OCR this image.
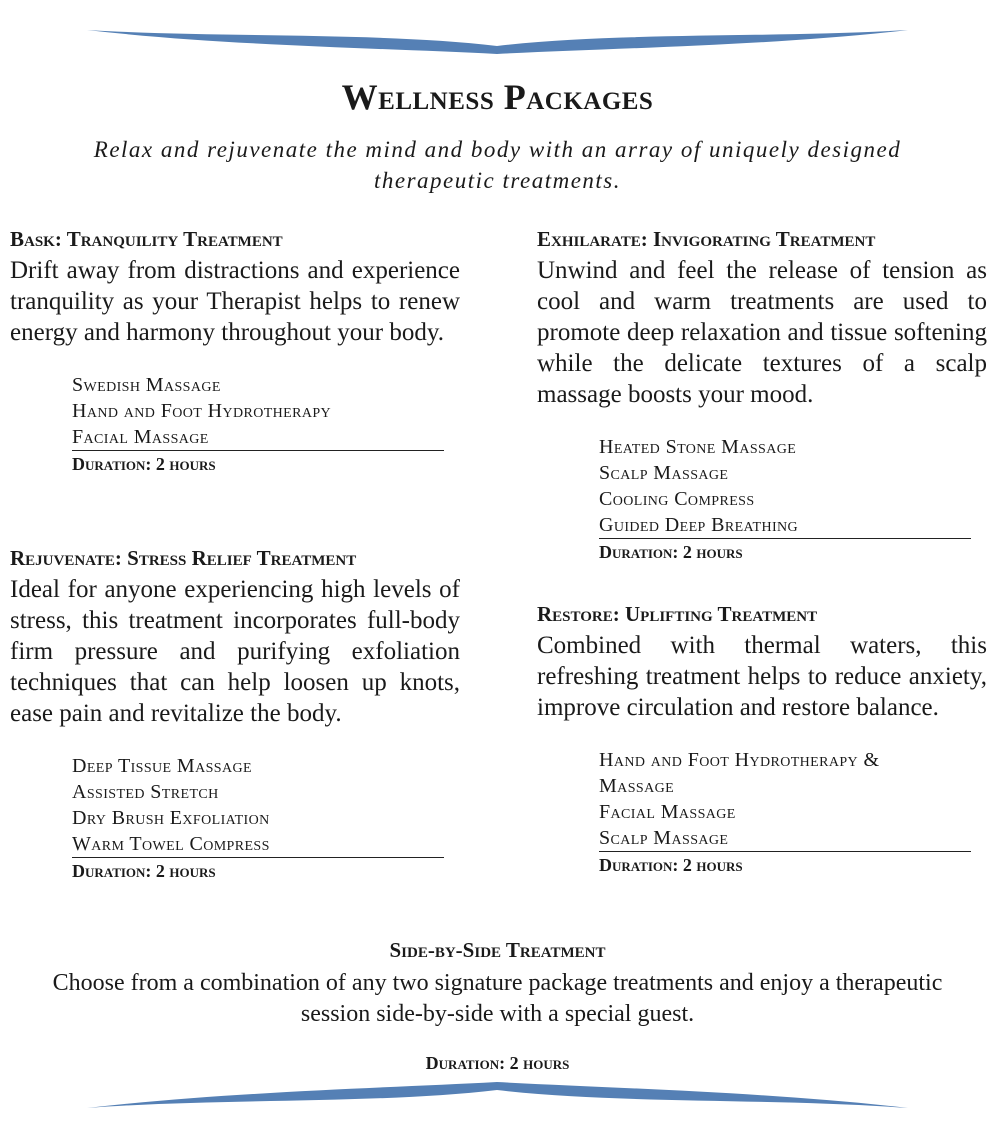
Wellness Packages
Relax and rejuvenate the mind and body with an array of uniquely designed therapeutic treatments.
Bask: Tranquility Treatment

Drift away from distractions and experience tranquility as your Therapist helps to renew energy and harmony throughout your body.

Swedish Massage
Hand and Foot Hydrotherapy
Facial Massage
Duration: 2 hours
Rejuvenate: Stress Relief Treatment

Ideal for anyone experiencing high levels of stress, this treatment incorporates full-body firm pressure and purifying exfoliation techniques that can help loosen up knots, ease pain and revitalize the body.

Deep Tissue Massage
Assisted Stretch
Dry Brush Exfoliation
Warm Towel Compress
Duration: 2 hours
Exhilarate: Invigorating Treatment

Unwind and feel the release of tension as cool and warm treatments are used to promote deep relaxation and tissue softening while the delicate textures of a scalp massage boosts your mood.

Heated Stone Massage
Scalp Massage
Cooling Compress
Guided Deep Breathing
Duration: 2 hours
Restore: Uplifting Treatment

Combined with thermal waters, this refreshing treatment helps to reduce anxiety, improve circulation and restore balance.

Hand and Foot Hydrotherapy &
Massage
Facial Massage
Scalp Massage
Duration: 2 hours
Side-by-Side Treatment

Choose from a combination of any two signature package treatments and enjoy a therapeutic session side-by-side with a special guest.

Duration: 2 hours
